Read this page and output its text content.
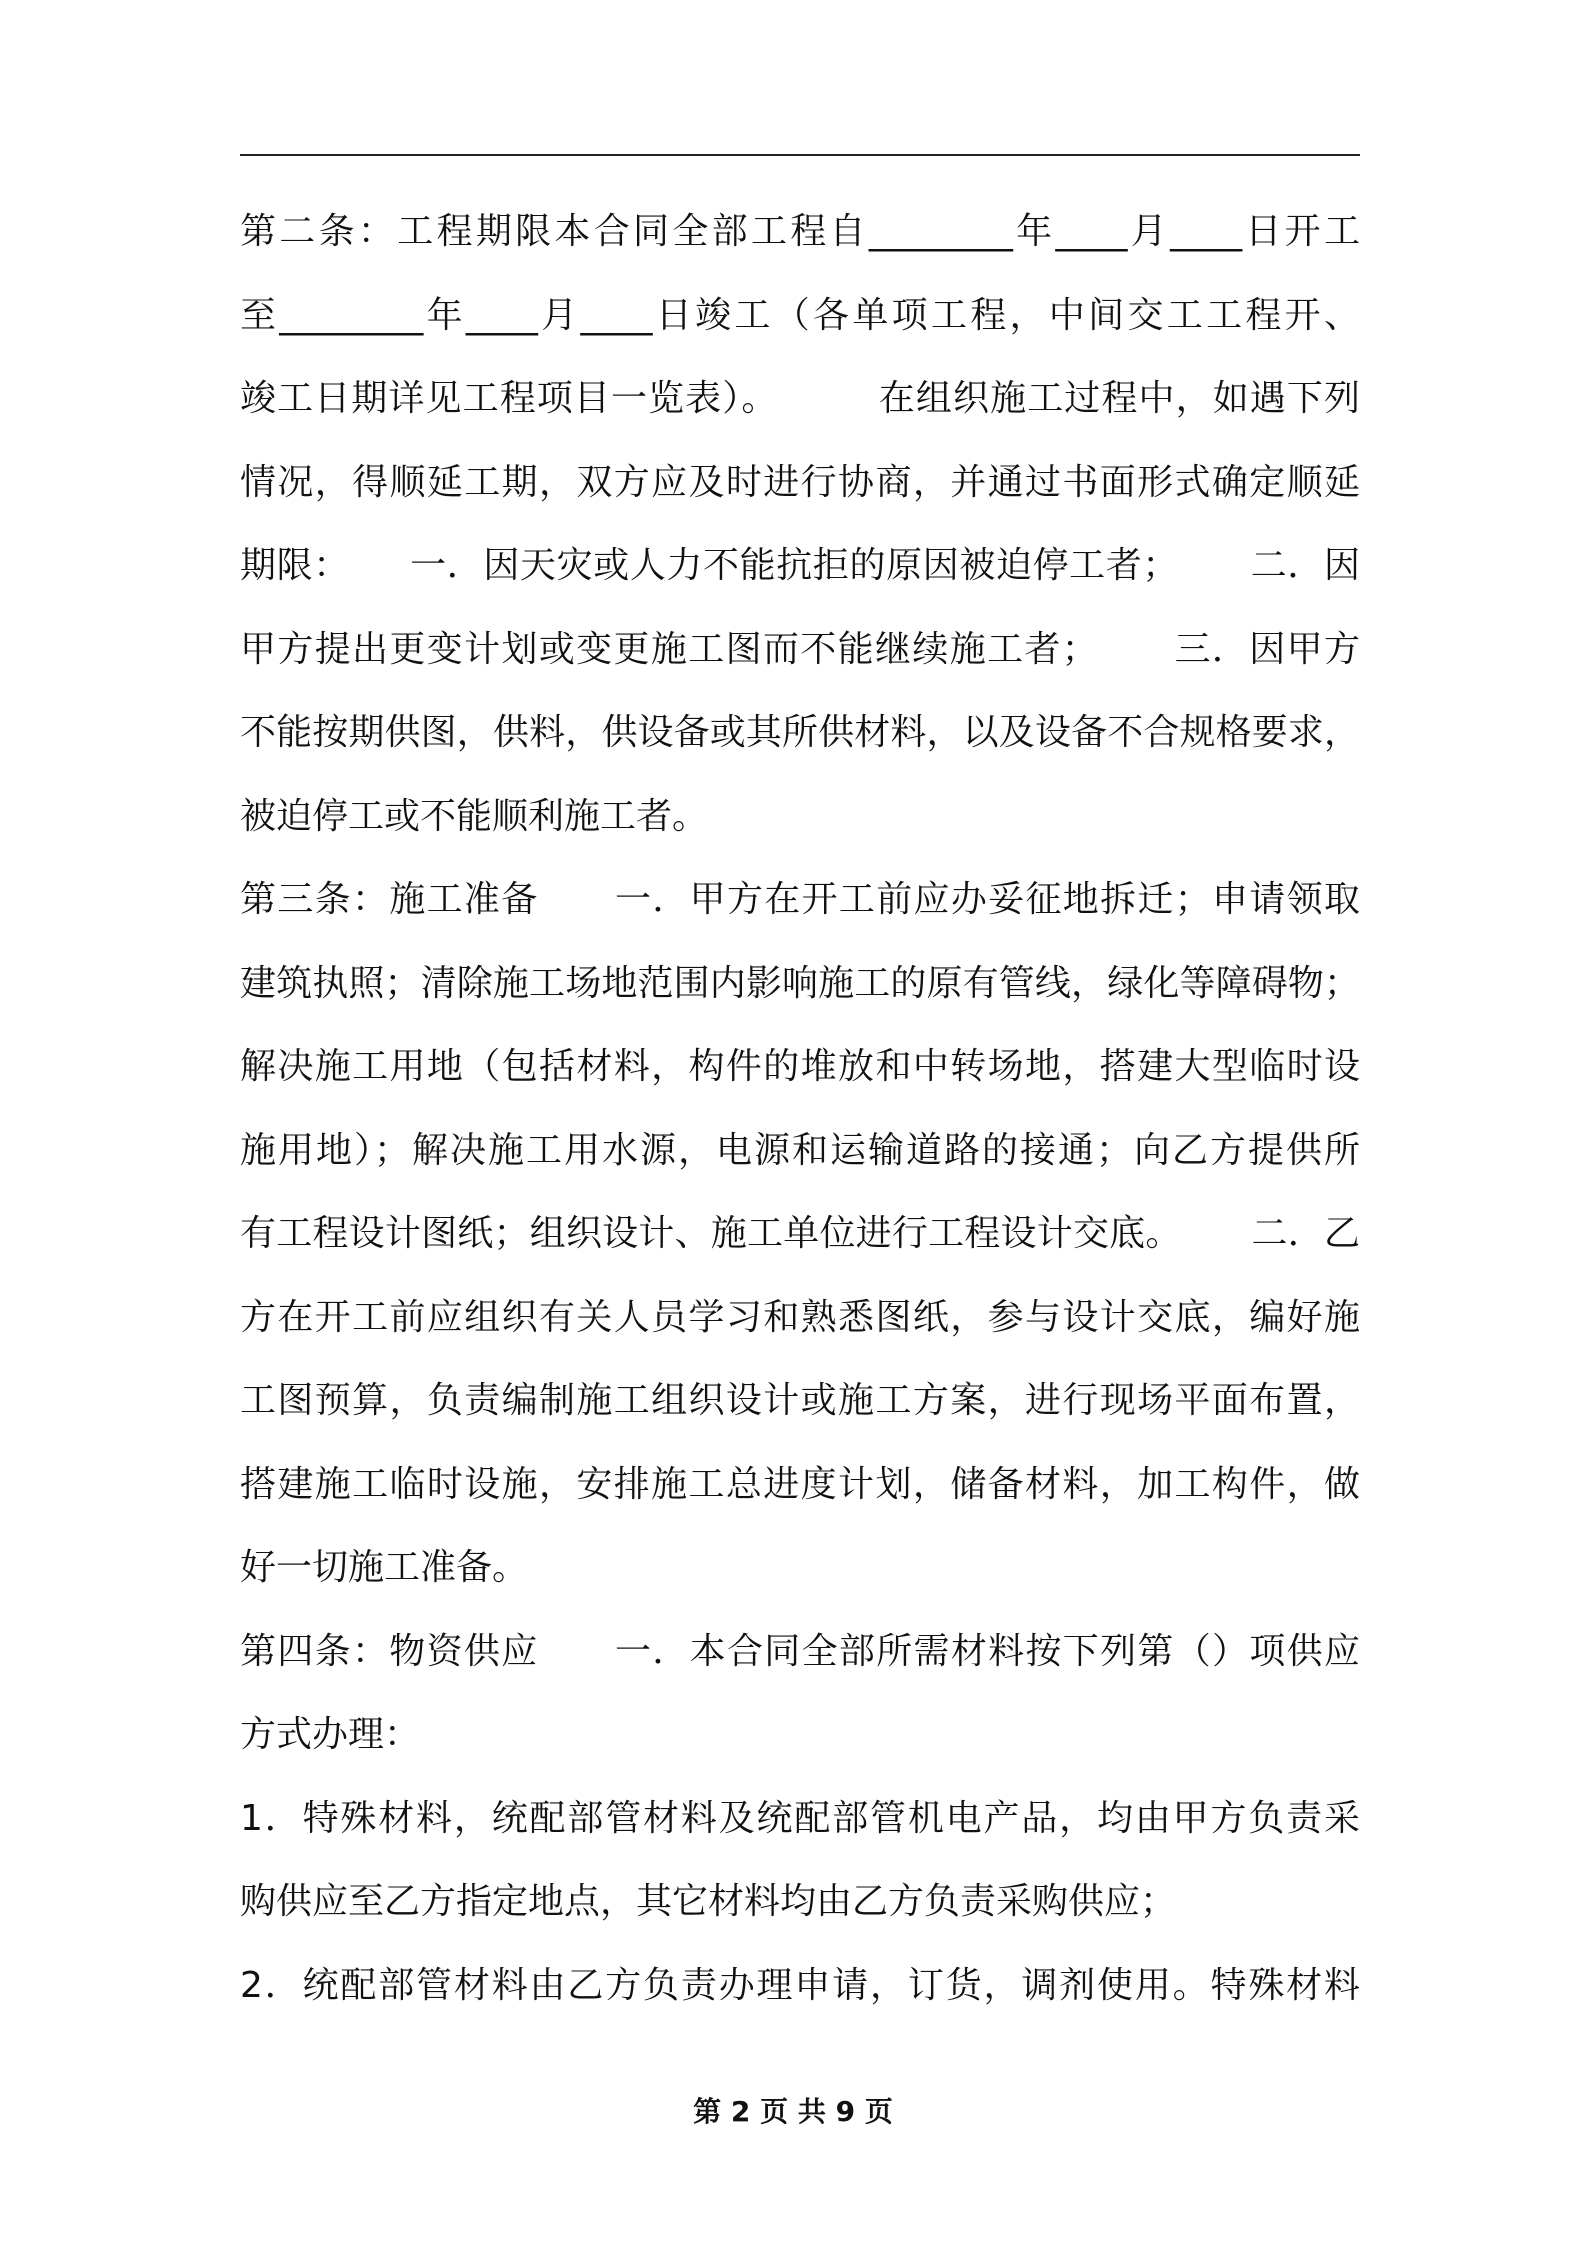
第二条：工程期限本合同全部工程自________年____月____日开工
至________年____月____日竣工（各单项工程，中间交工工程开、
竣工日期详见工程项目一览表）。        在组织施工过程中，如遇下列
情况，得顺延工期，双方应及时进行协商，并通过书面形式确定顺延
期限：     一．因天灾或人力不能抗拒的原因被迫停工者；      二．因
甲方提出更变计划或变更施工图而不能继续施工者；      三．因甲方
不能按期供图，供料，供设备或其所供材料，以及设备不合规格要求，
被迫停工或不能顺利施工者。
第三条：施工准备      一．甲方在开工前应办妥征地拆迁；申请领取
建筑执照；清除施工场地范围内影响施工的原有管线，绿化等障碍物；
解决施工用地（包括材料，构件的堆放和中转场地，搭建大型临时设
施用地）；解决施工用水源，电源和运输道路的接通；向乙方提供所
有工程设计图纸；组织设计、施工单位进行工程设计交底。      二．乙
方在开工前应组织有关人员学习和熟悉图纸，参与设计交底，编好施
工图预算，负责编制施工组织设计或施工方案，进行现场平面布置，
搭建施工临时设施，安排施工总进度计划，储备材料，加工构件，做
好一切施工准备。
第四条：物资供应      一．本合同全部所需材料按下列第（）项供应
方式办理：
1．特殊材料，统配部管材料及统配部管机电产品，均由甲方负责采
购供应至乙方指定地点，其它材料均由乙方负责采购供应；
2．统配部管材料由乙方负责办理申请，订货，调剂使用。特殊材料
第 2 页 共 9 页
